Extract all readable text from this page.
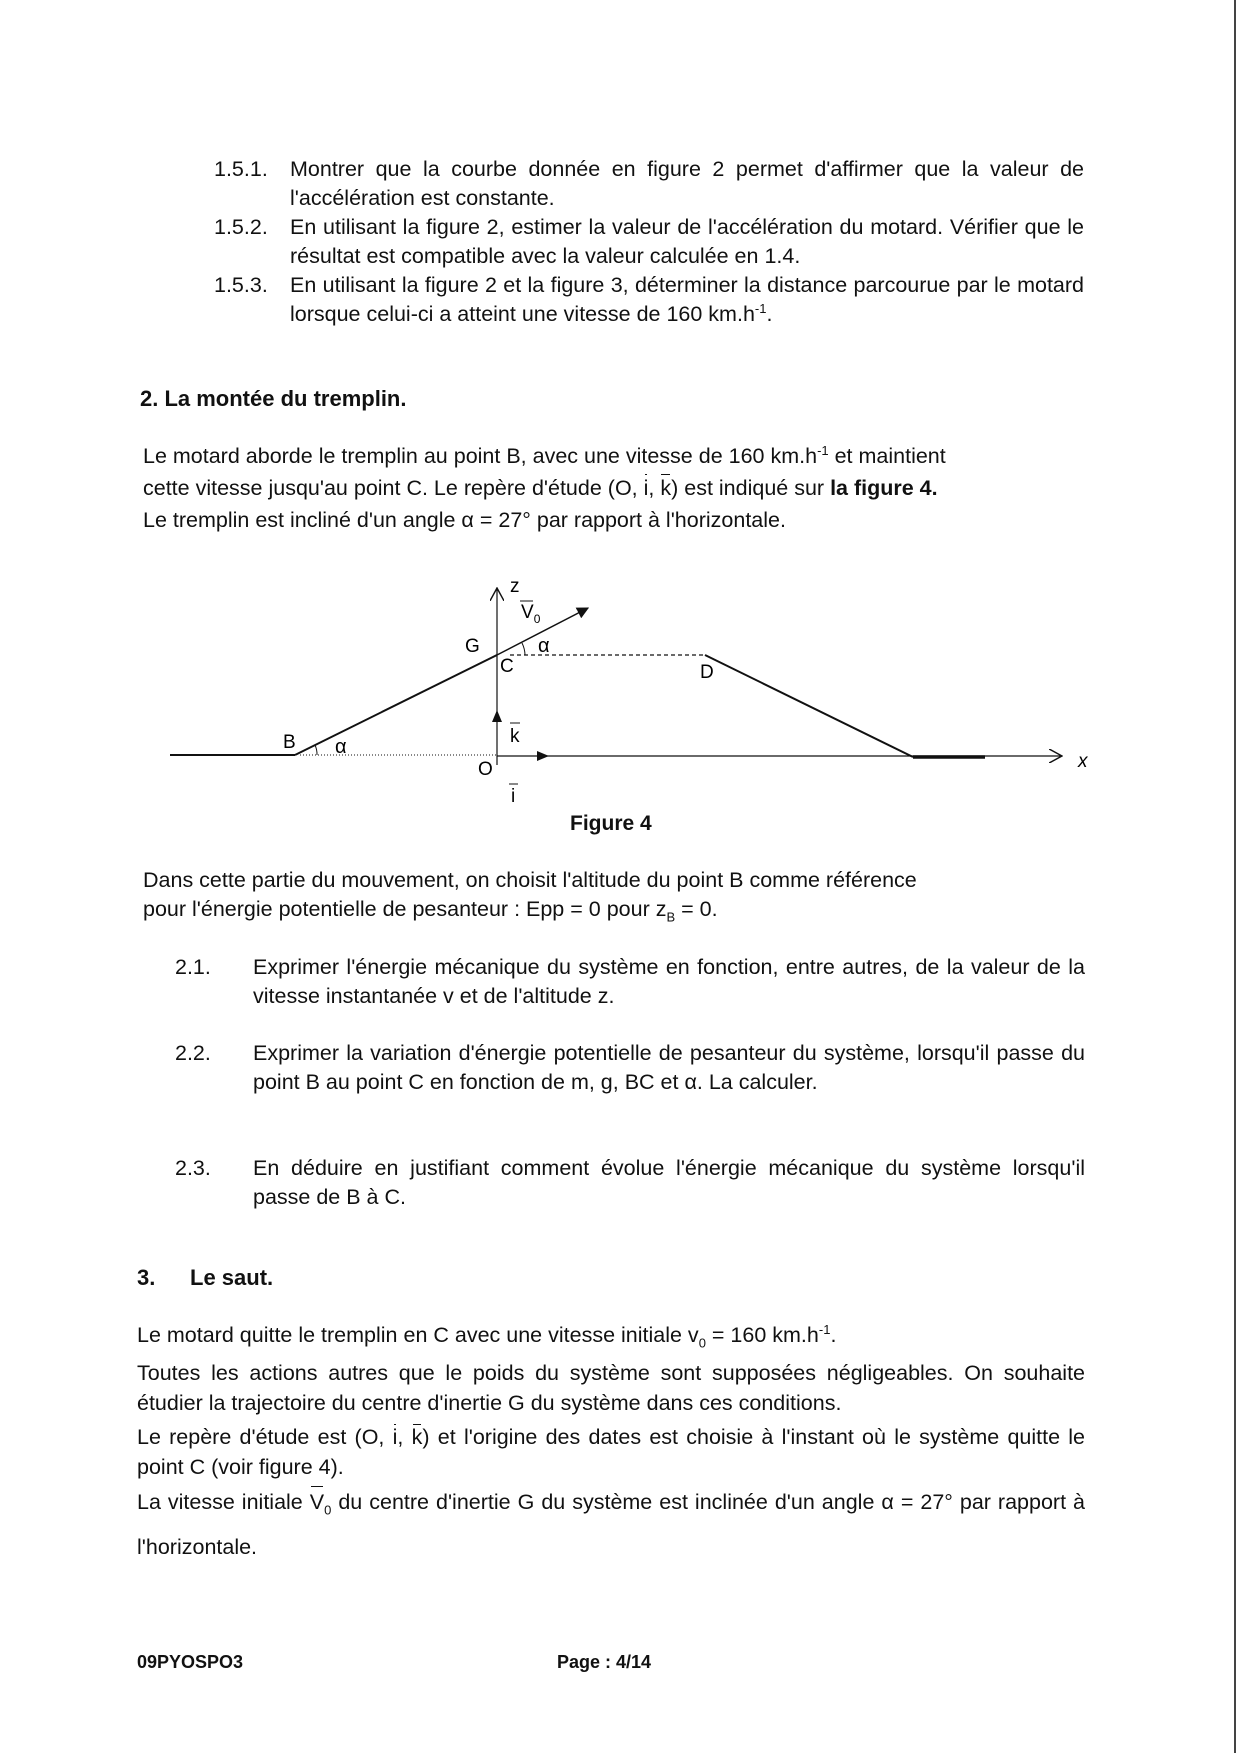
1.5.1. Montrer que la courbe donnée en figure 2 permet d'affirmer que la valeur de l'accélération est constante.
1.5.2. En utilisant la figure 2, estimer la valeur de l'accélération du motard. Vérifier que le résultat est compatible avec la valeur calculée en 1.4.
1.5.3. En utilisant la figure 2 et la figure 3, déterminer la distance parcourue par le motard lorsque celui-ci a atteint une vitesse de 160 $km.h^{-1}$.
2. La montée du tremplin.

Le motard aborde le tremplin au point B, avec une vitesse de 160 $km.h^{-1}$ et maintient

cette vitesse jusqu'au point C. Le repère d'étude (O, i, k) est indiqué sur la figure 4.

Le tremplin est incliné d'un angle α = 27° par rapport à l'horizontale.

z
$V_0$
G
C
α
D
B α	k
O
i
x
Figure 4

Dans cette partie du mouvement, on choisit l'altitude du point B comme référence

pour l'énergie potentielle de pesanteur : Epp = 0 pour $z_B = 0$.

2.1. Exprimer l'énergie mécanique du système en fonction, entre autres, de la valeur de la vitesse instantanée v et de l'altitude z.
2.2. Exprimer la variation d'énergie potentielle de pesanteur du système, lorsqu'il passe du point B au point C en fonction de m, g, BC et α. La calculer.
2.3. En déduire en justifiant comment évolue l'énergie mécanique du système lorsqu'il passe de B à C.
3. Le saut.

Le motard quitte le tremplin en C avec une vitesse initiale $v_0 = 160$ $km.h^{-1}$.

Toutes les actions autres que le poids du système sont supposées négligeables. On souhaite étudier la trajectoire du centre d'inertie G du système dans ces conditions.

Le repère d'étude est (O, i, k) et l'origine des dates est choisie à l'instant où le système quitte le point C (voir figure 4).

La vitesse initiale $V_0$ du centre d'inertie G du système est inclinée d'un angle α = 27° par rapport à l'horizontale.

09PYOSPO3	Page : 4/14
